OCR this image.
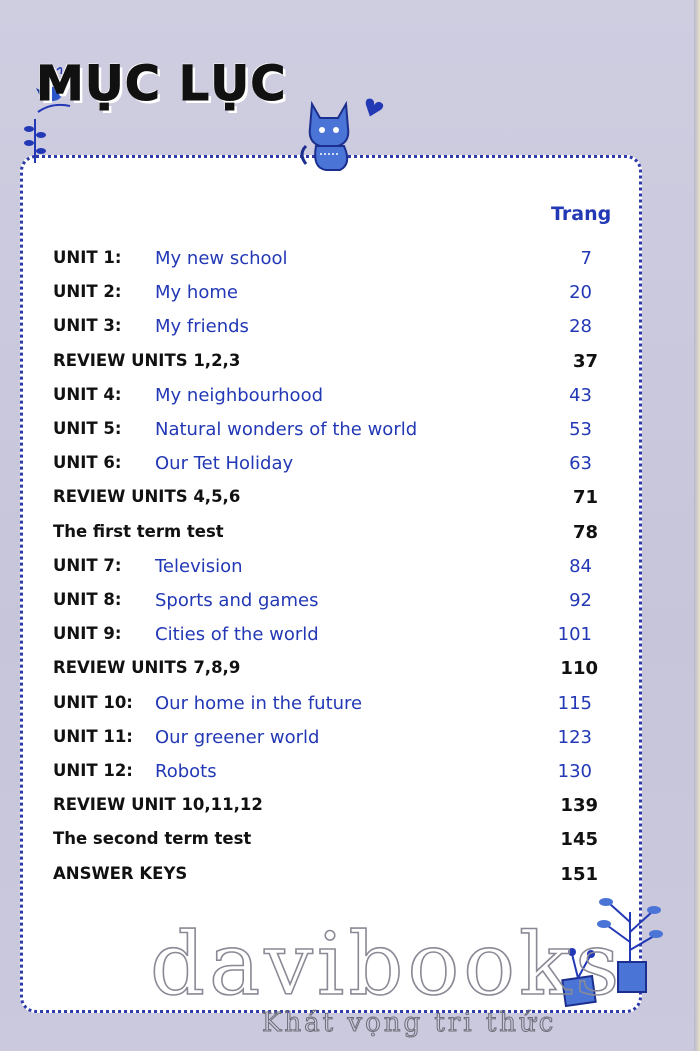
MỤC LỤC
Trang
UNIT 1: My new school	7
UNIT 2: My home	20
UNIT 3: My friends	28
REVIEW UNITS 1,2,3	37
UNIT 4: My neighbourhood	43
UNIT 5: Natural wonders of the world	53
UNIT 6: Our Tet Holiday	63
REVIEW UNITS 4,5,6	71
The first term test	78
UNIT 7: Television	84
UNIT 8: Sports and games	92
UNIT 9: Cities of the world	101
REVIEW UNITS 7,8,9	110
UNIT 10: Our home in the future	115
UNIT 11: Our greener world	123
UNIT 12: Robots	130
REVIEW UNIT 10,11,12	139
The second term test	145
ANSWER KEYS	151
davibooks
Khát vọng tri thức
